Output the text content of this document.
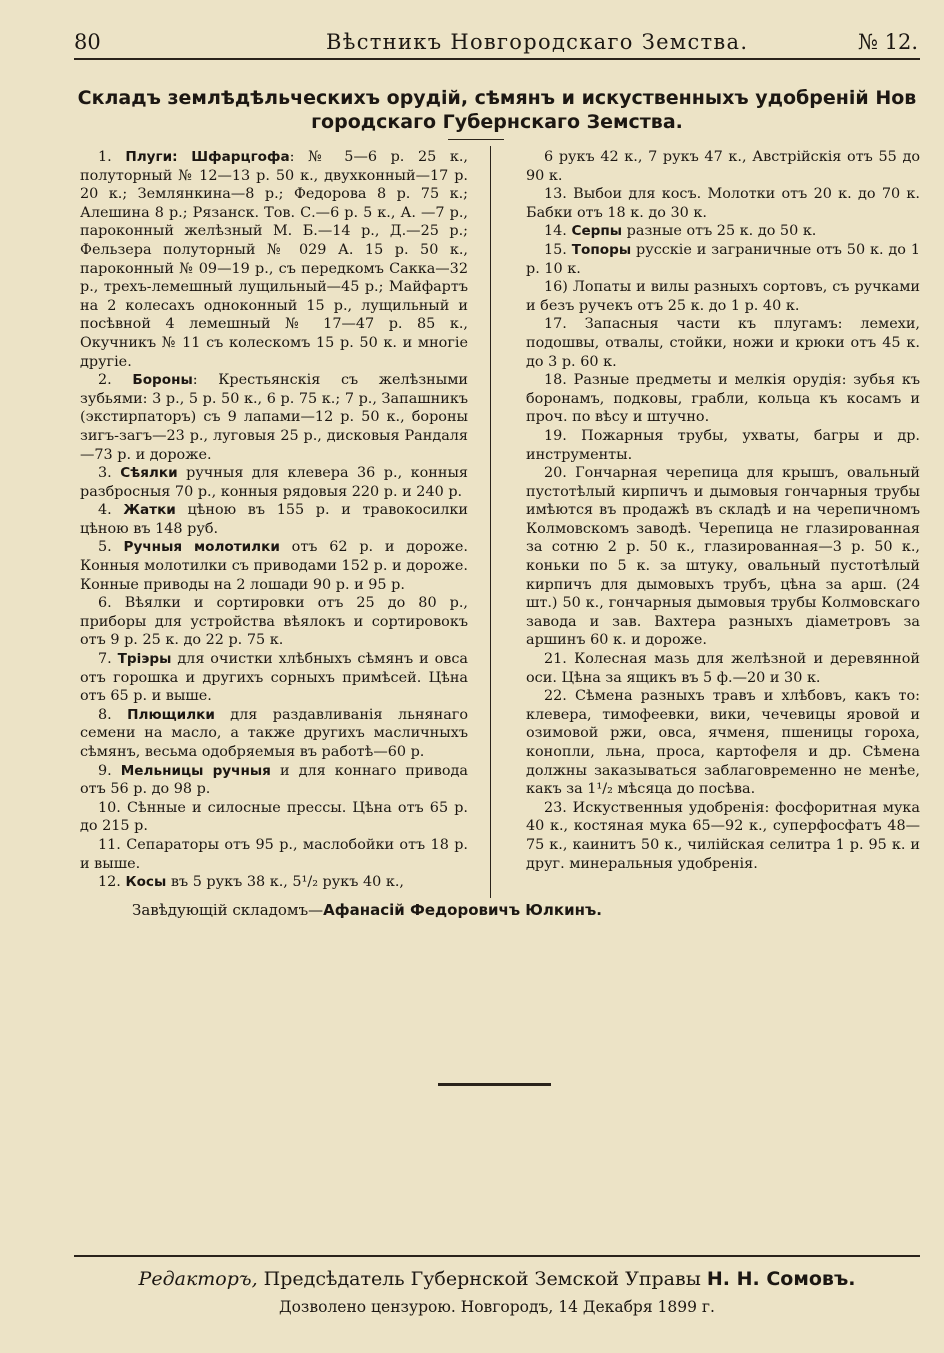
80	Вѣстникъ Новгородскаго Земства.	№ 12.
Складъ землѣдѣльческихъ орудій, сѣмянъ и искуственныхъ удобреній Нов
городскаго Губернскаго Земства.

1. Плуги: Шфарцгофа: № 5—6 р. 25 к., полуторный № 12—13 р. 50 к., двухконный—17 р. 20 к.; Землянкина—8 р.; Федорова 8 р. 75 к.; Алешина 8 р.; Рязанск. Тов. С.—6 р. 5 к., А. —7 р., пароконный желѣзный М. Б.—14 р., Д.—25 р.; Фельзера полуторный № 029 А. 15 р. 50 к., пароконный № 09—19 р., съ передкомъ Сакка—32 р., трехъ-лемешный лущильный—45 р.; Майфартъ на 2 колесахъ одноконный 15 р., лущильный и посѣвной 4 лемешный № 17—47 р. 85 к., Окучникъ № 11 съ колескомъ 15 р. 50 к. и многіе другіе.

2. Бороны: Крестьянскія съ желѣзными зубьями: 3 р., 5 р. 50 к., 6 р. 75 к.; 7 р., Запашникъ (экстирпаторъ) съ 9 лапами—12 р. 50 к., бороны зигъ-загъ—23 р., луговыя 25 р., дисковыя Рандаля—73 р. и дороже.

3. Сѣялки ручныя для клевера 36 р., конныя разбросныя 70 р., конныя рядовыя 220 р. и 240 р.

4. Жатки цѣною въ 155 р. и травокосилки цѣною въ 148 руб.

5. Ручныя молотилки отъ 62 р. и дороже. Конныя молотилки съ приводами 152 р. и дороже. Конные приводы на 2 лошади 90 р. и 95 р.

6. Вѣялки и сортировки отъ 25 до 80 р., приборы для устройства вѣялокъ и сортировокъ отъ 9 р. 25 к. до 22 р. 75 к.

7. Тріэры для очистки хлѣбныхъ сѣмянъ и овса отъ горошка и другихъ сорныхъ примѣсей. Цѣна отъ 65 р. и выше.

8. Плющилки для раздавливанія льнянаго семени на масло, а также другихъ масличныхъ сѣмянъ, весьма одобряемыя въ работѣ—60 р.

9. Мельницы ручныя и для коннаго привода отъ 56 р. до 98 р.

10. Сѣнные и силосные прессы. Цѣна отъ 65 р. до 215 р.

11. Сепараторы отъ 95 р., маслобойки отъ 18 р. и выше.

12. Косы въ 5 рукъ 38 к., 5¹/₂ рукъ 40 к.,

6 рукъ 42 к., 7 рукъ 47 к., Австрійскія отъ 55 до 90 к.

13. Выбои для косъ. Молотки отъ 20 к. до 70 к. Бабки отъ 18 к. до 30 к.

14. Серпы разные отъ 25 к. до 50 к.

15. Топоры русскіе и заграничные отъ 50 к. до 1 р. 10 к.

16) Лопаты и вилы разныхъ сортовъ, съ ручками и безъ ручекъ отъ 25 к. до 1 р. 40 к.

17. Запасныя части къ плугамъ: лемехи, подошвы, отвалы, стойки, ножи и крюки отъ 45 к. до 3 р. 60 к.

18. Разные предметы и мелкія орудія: зубья къ боронамъ, подковы, грабли, кольца къ косамъ и проч. по вѣсу и штучно.

19. Пожарныя трубы, ухваты, багры и др. инструменты.

20. Гончарная черепица для крышъ, овальный пустотѣлый кирпичъ и дымовыя гончарныя трубы имѣются въ продажѣ въ складѣ и на черепичномъ Колмовскомъ заводѣ. Черепица не глазированная за сотню 2 р. 50 к., глазированная—3 р. 50 к., коньки по 5 к. за штуку, овальный пустотѣлый кирпичъ для дымовыхъ трубъ, цѣна за арш. (24 шт.) 50 к., гончарныя дымовыя трубы Колмовскаго завода и зав. Вахтера разныхъ діаметровъ за аршинъ 60 к. и дороже.

21. Колесная мазь для желѣзной и деревянной оси. Цѣна за ящикъ въ 5 ф.—20 и 30 к.

22. Сѣмена разныхъ травъ и хлѣбовъ, какъ то: клевера, тимофеевки, вики, чечевицы яровой и озимовой ржи, овса, ячменя, пшеницы гороха, конопли, льна, проса, картофеля и др. Сѣмена должны заказываться заблаговременно не менѣе, какъ за 1¹/₂ мѣсяца до посѣва.

23. Искуственныя удобренія: фосфоритная мука 40 к., костяная мука 65—92 к., суперфосфатъ 48—75 к., каинитъ 50 к., чилійская селитра 1 р. 95 к. и друг. минеральныя удобренія.

Завѣдующій складомъ—Афанасій Федоровичъ Юлкинъ.
Редакторъ, Предсѣдатель Губернской Земской Управы Н. Н. Сомовъ.
Дозволено цензурою. Новгородъ, 14 Декабря 1899 г.
